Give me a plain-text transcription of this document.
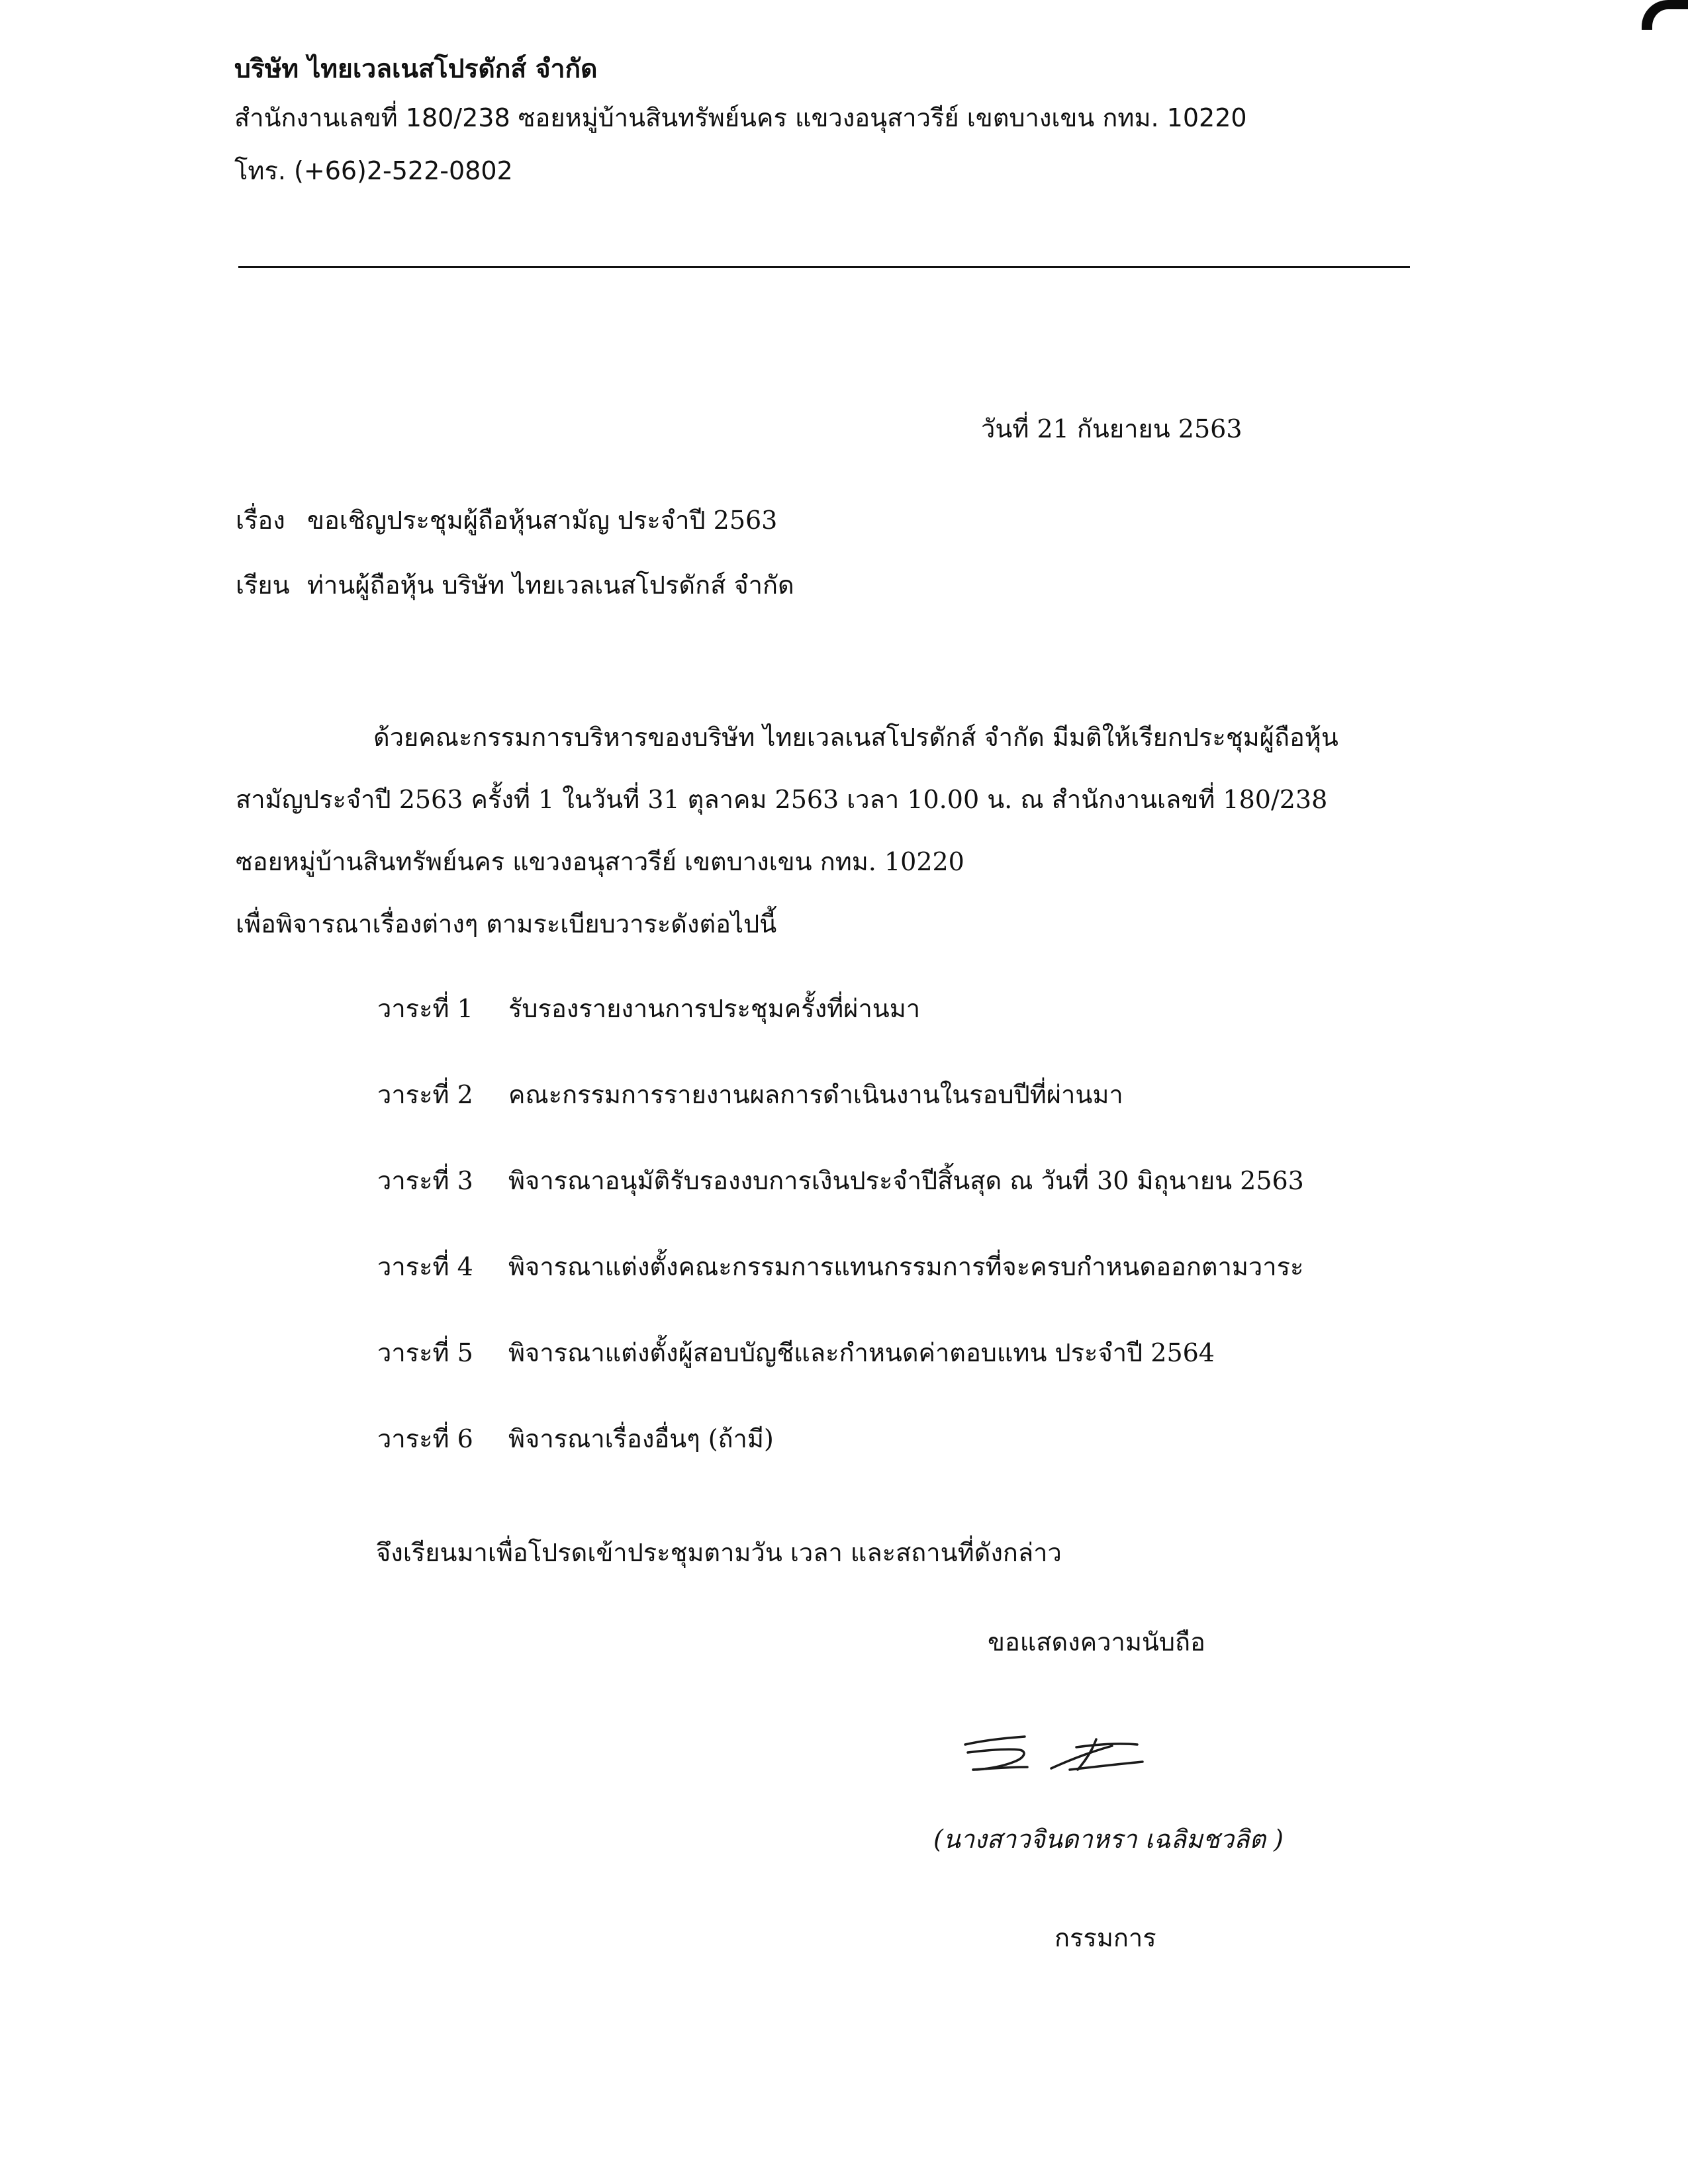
บริษัท ไทยเวลเนสโปรดักส์ จำกัด
สำนักงานเลขที่ 180/238 ซอยหมู่บ้านสินทรัพย์นคร แขวงอนุสาวรีย์ เขตบางเขน กทม. 10220
โทร. (+66)2-522-0802
วันที่ 21 กันยายน 2563
เรื่อง ขอเชิญประชุมผู้ถือหุ้นสามัญ ประจำปี 2563
เรียน ท่านผู้ถือหุ้น บริษัท ไทยเวลเนสโปรดักส์ จำกัด
ด้วยคณะกรรมการบริหารของบริษัท ไทยเวลเนสโปรดักส์ จำกัด มีมติให้เรียกประชุมผู้ถือหุ้น
สามัญประจำปี 2563 ครั้งที่ 1 ในวันที่ 31 ตุลาคม 2563 เวลา 10.00 น. ณ สำนักงานเลขที่ 180/238
ซอยหมู่บ้านสินทรัพย์นคร แขวงอนุสาวรีย์ เขตบางเขน กทม. 10220
เพื่อพิจารณาเรื่องต่างๆ ตามระเบียบวาระดังต่อไปนี้
วาระที่ 1	รับรองรายงานการประชุมครั้งที่ผ่านมา
วาระที่ 2	คณะกรรมการรายงานผลการดำเนินงานในรอบปีที่ผ่านมา
วาระที่ 3	พิจารณาอนุมัติรับรองงบการเงินประจำปีสิ้นสุด ณ วันที่ 30 มิถุนายน 2563
วาระที่ 4	พิจารณาแต่งตั้งคณะกรรมการแทนกรรมการที่จะครบกำหนดออกตามวาระ
วาระที่ 5	พิจารณาแต่งตั้งผู้สอบบัญชีและกำหนดค่าตอบแทน ประจำปี 2564
วาระที่ 6	พิจารณาเรื่องอื่นๆ (ถ้ามี)
จึงเรียนมาเพื่อโปรดเข้าประชุมตามวัน เวลา และสถานที่ดังกล่าว
ขอแสดงความนับถือ
(นางสาวจินดาหรา เฉลิมชวลิต )
กรรมการ
